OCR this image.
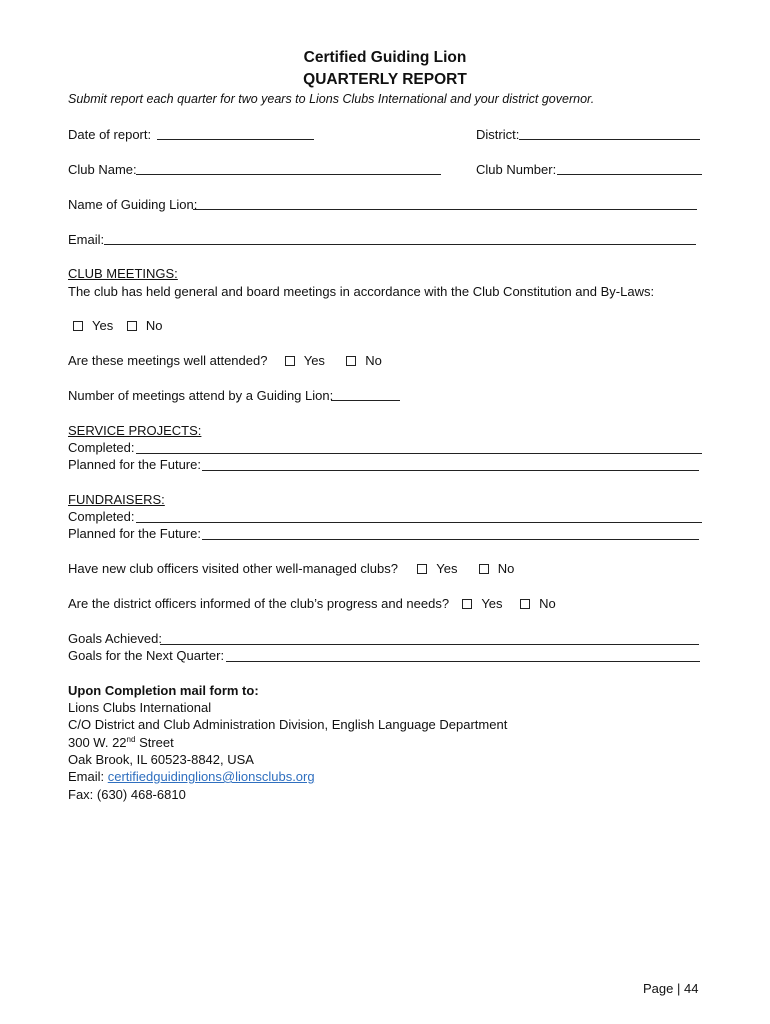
Certified Guiding Lion
QUARTERLY REPORT
Submit report each quarter for two years to Lions Clubs International and your district governor.
Date of report:	District:
Club Name:	Club Number:
Name of Guiding Lion:
Email:
CLUB MEETINGS:
The club has held general and board meetings in accordance with the Club Constitution and By-Laws:
Yes	No
Are these meetings well attended?	Yes	No
Number of meetings attend by a Guiding Lion:
SERVICE PROJECTS:
Completed:
Planned for the Future:
FUNDRAISERS:
Completed:
Planned for the Future:
Have new club officers visited other well-managed clubs?	Yes	No
Are the district officers informed of the club’s progress and needs? Yes	No
Goals Achieved:
Goals for the Next Quarter:
Upon Completion mail form to:
Lions Clubs International
C/O District and Club Administration Division, English Language Department
300 W. 22nd Street
Oak Brook, IL 60523-8842, USA
Email: certifiedguidinglions@lionsclubs.org
Fax: (630) 468-6810
Page | 44
